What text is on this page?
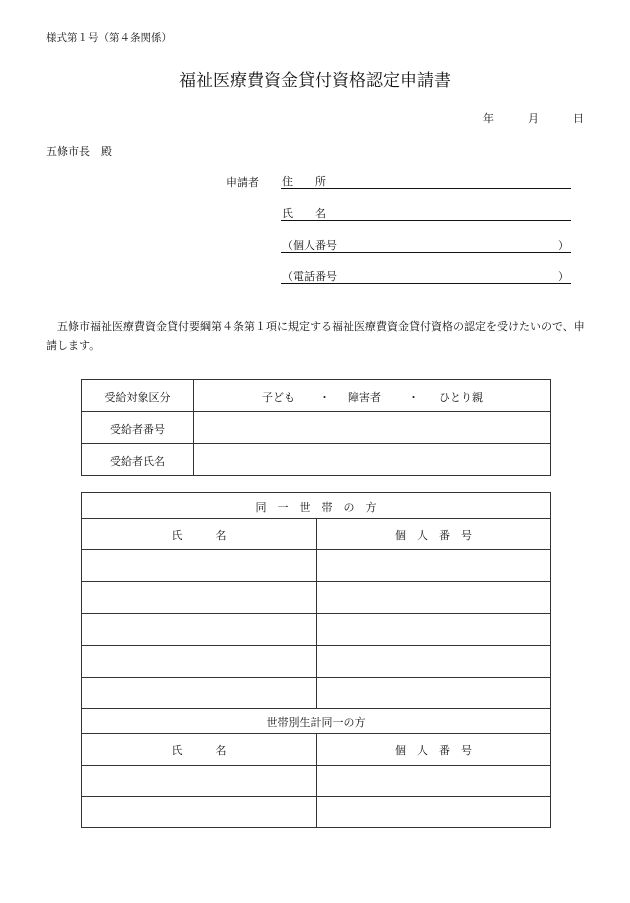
様式第１号（第４条関係）
福祉医療費資金貸付資格認定申請書
年	月	日
五條市長　殿
申請者 住　　所
氏　　名
（個人番号	）
（電話番号	）

五條市福祉医療費資金貸付要綱第４条第１項に規定する福祉医療費資金貸付資格の認定を受けたいので、申請します。

受給対象区分	子ども ・ 障害者 ・ ひとり親
受給者番号
受給者氏名
同　一　世　帯　の　方
氏　　　名	個　人　番　号
世帯別生計同一の方
氏　　　名	個　人　番　号
